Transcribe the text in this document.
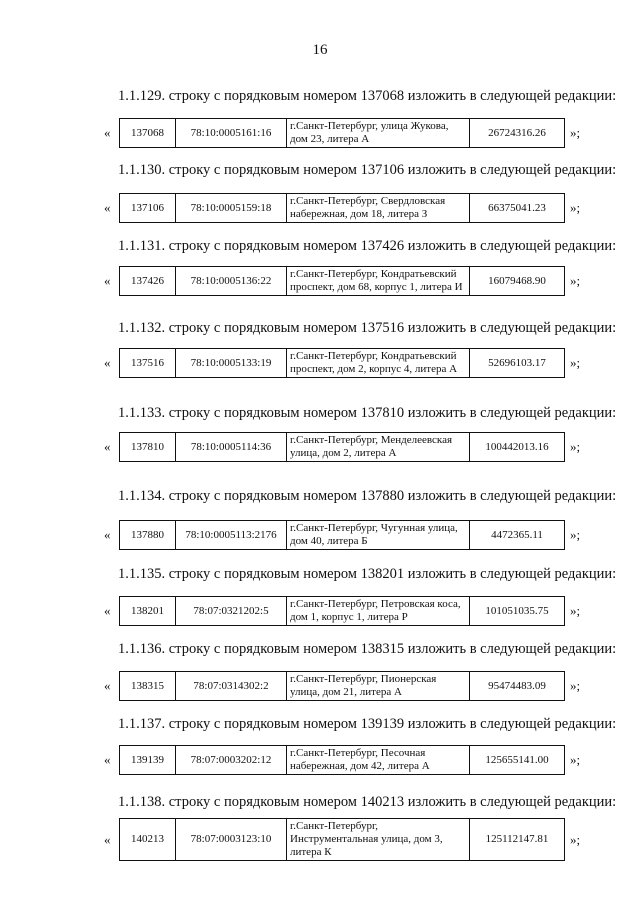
16
1.1.129. строку с порядковым номером 137068 изложить в следующей редакции:
« 137068	78:10:0005161:16	г.Санкт-Петербург, улица Жукова, дом 23, литера А	26724316.26 »;
1.1.130. строку с порядковым номером 137106 изложить в следующей редакции:
« 137106	78:10:0005159:18	г.Санкт-Петербург, Свердловская набережная, дом 18, литера З	66375041.23 »;
1.1.131. строку с порядковым номером 137426 изложить в следующей редакции:
« 137426	78:10:0005136:22	г.Санкт-Петербург, Кондратьевский проспект, дом 68, корпус 1, литера И	16079468.90 »;
1.1.132. строку с порядковым номером 137516 изложить в следующей редакции:
« 137516	78:10:0005133:19	г.Санкт-Петербург, Кондратьевский проспект, дом 2, корпус 4, литера А	52696103.17 »;
1.1.133. строку с порядковым номером 137810 изложить в следующей редакции:
« 137810	78:10:0005114:36	г.Санкт-Петербург, Менделеевская улица, дом 2, литера А	100442013.16 »;
1.1.134. строку с порядковым номером 137880 изложить в следующей редакции:
« 137880	78:10:0005113:2176	г.Санкт-Петербург, Чугунная улица, дом 40, литера Б	4472365.11 »;
1.1.135. строку с порядковым номером 138201 изложить в следующей редакции:
« 138201	78:07:0321202:5	г.Санкт-Петербург, Петровская коса, дом 1, корпус 1, литера Р	101051035.75 »;
1.1.136. строку с порядковым номером 138315 изложить в следующей редакции:
« 138315	78:07:0314302:2	г.Санкт-Петербург, Пионерская улица, дом 21, литера А	95474483.09 »;
1.1.137. строку с порядковым номером 139139 изложить в следующей редакции:
« 139139	78:07:0003202:12	г.Санкт-Петербург, Песочная набережная, дом 42, литера А	125655141.00 »;
1.1.138. строку с порядковым номером 140213 изложить в следующей редакции:
« 140213	78:07:0003123:10	г.Санкт-Петербург, Инструментальная улица, дом 3, литера К	125112147.81 »;
